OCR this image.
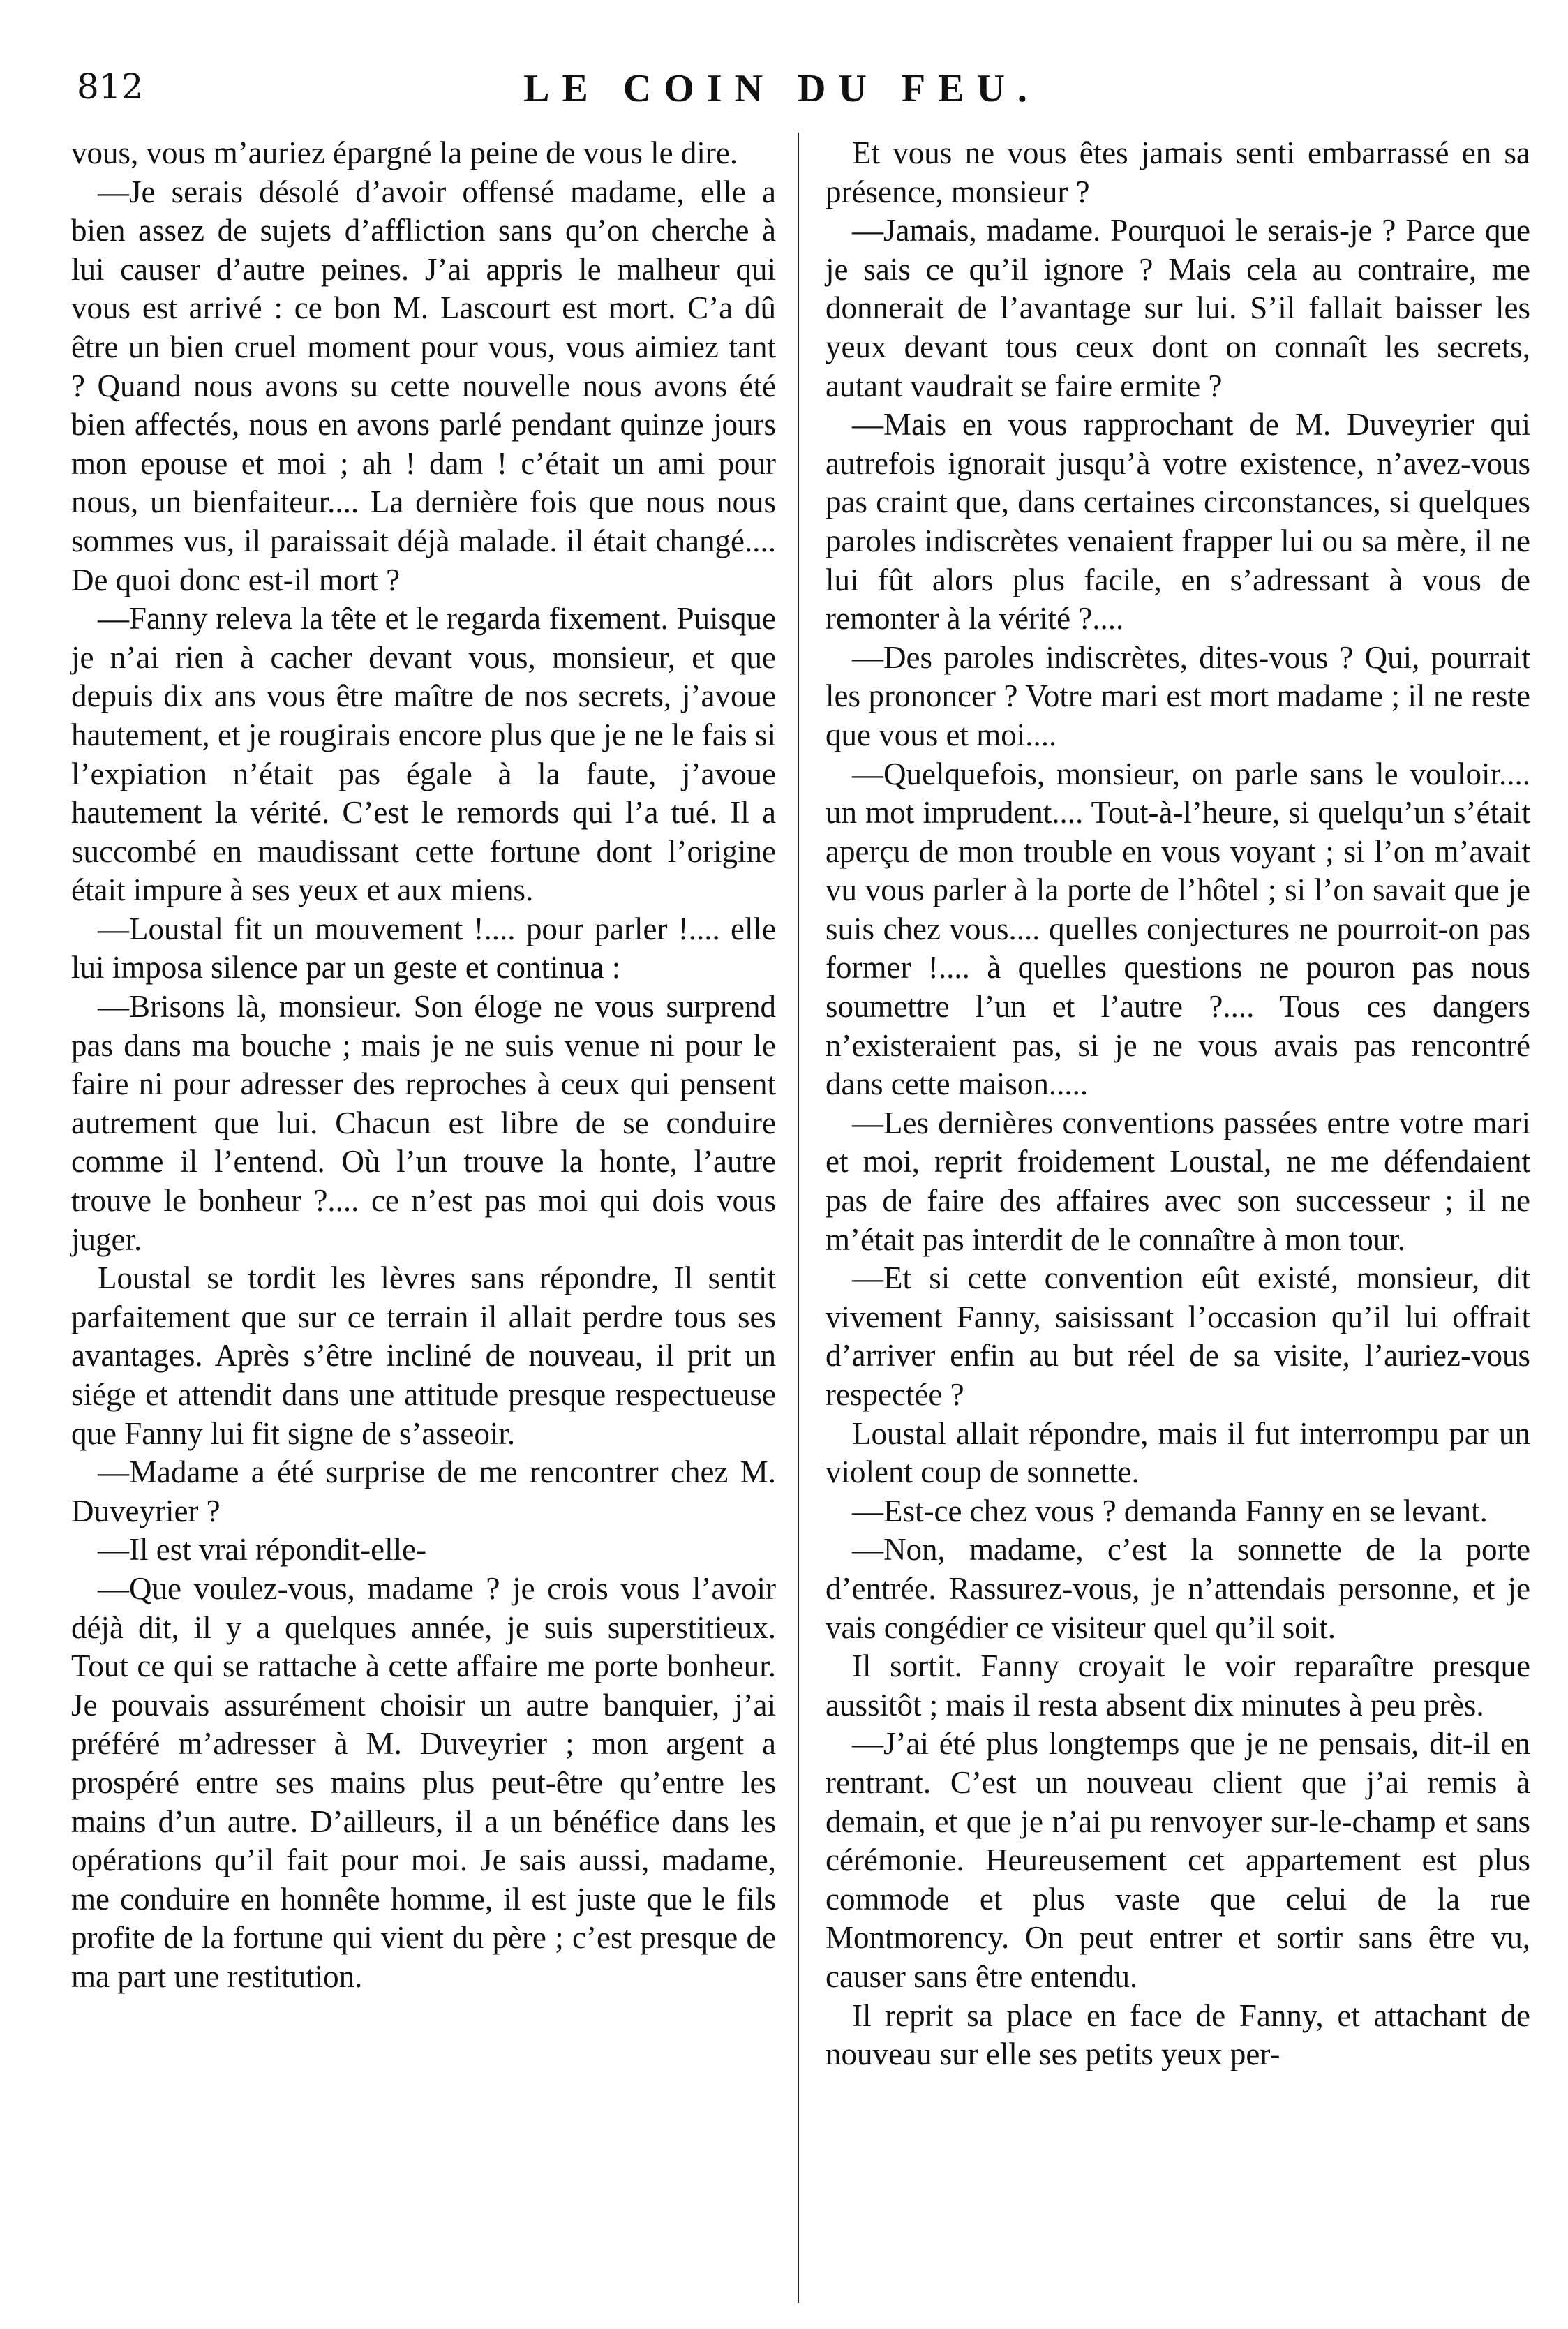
812	LE COIN DU FEU.

vous, vous m’auriez épargné la peine de vous le dire.

—Je serais désolé d’avoir offensé madame, elle a bien assez de sujets d’affliction sans qu’on cherche à lui causer d’autre peines. J’ai appris le malheur qui vous est arrivé : ce bon M. Lascourt est mort. C’a dû être un bien cruel moment pour vous, vous aimiez tant ? Quand nous avons su cette nouvelle nous avons été bien affectés, nous en avons parlé pendant quinze jours mon epouse et moi ; ah ! dam ! c’était un ami pour nous, un bienfaiteur.... La dernière fois que nous nous sommes vus, il paraissait déjà malade. il était changé.... De quoi donc est-il mort ?

—Fanny releva la tête et le regarda fixement. Puisque je n’ai rien à cacher devant vous, monsieur, et que depuis dix ans vous être maître de nos secrets, j’avoue hautement, et je rougirais encore plus que je ne le fais si l’expiation n’était pas égale à la faute, j’avoue hautement la vérité. C’est le remords qui l’a tué. Il a succombé en maudissant cette fortune dont l’origine était impure à ses yeux et aux miens.

—Loustal fit un mouvement !.... pour parler !.... elle lui imposa silence par un geste et continua :

—Brisons là, monsieur. Son éloge ne vous surprend pas dans ma bouche ; mais je ne suis venue ni pour le faire ni pour adresser des reproches à ceux qui pensent autrement que lui. Chacun est libre de se conduire comme il l’entend. Où l’un trouve la honte, l’autre trouve le bonheur ?.... ce n’est pas moi qui dois vous juger.

Loustal se tordit les lèvres sans répondre, Il sentit parfaitement que sur ce terrain il allait perdre tous ses avantages. Après s’être incliné de nouveau, il prit un siége et attendit dans une attitude presque respectueuse que Fanny lui fit signe de s’asseoir.

—Madame a été surprise de me rencontrer chez M. Duveyrier ?

—Il est vrai répondit-elle-

—Que voulez-vous, madame ? je crois vous l’avoir déjà dit, il y a quelques année, je suis superstitieux. Tout ce qui se rattache à cette affaire me porte bonheur. Je pouvais assurément choisir un autre banquier, j’ai préféré m’adresser à M. Duveyrier ; mon argent a prospéré entre ses mains plus peut-être qu’entre les mains d’un autre. D’ailleurs, il a un bénéfice dans les opérations qu’il fait pour moi. Je sais aussi, madame, me conduire en honnête homme, il est juste que le fils profite de la fortune qui vient du père ; c’est presque de ma part une restitution.

Et vous ne vous êtes jamais senti embarrassé en sa présence, monsieur ?

—Jamais, madame. Pourquoi le serais-je ? Parce que je sais ce qu’il ignore ? Mais cela au contraire, me donnerait de l’avantage sur lui. S’il fallait baisser les yeux devant tous ceux dont on connaît les secrets, autant vaudrait se faire ermite ?

—Mais en vous rapprochant de M. Duveyrier qui autrefois ignorait jusqu’à votre existence, n’avez-vous pas craint que, dans certaines circonstances, si quelques paroles indiscrètes venaient frapper lui ou sa mère, il ne lui fût alors plus facile, en s’adressant à vous de remonter à la vérité ?....

—Des paroles indiscrètes, dites-vous ? Qui, pourrait les prononcer ? Votre mari est mort madame ; il ne reste que vous et moi....

—Quelquefois, monsieur, on parle sans le vouloir.... un mot imprudent.... Tout-à-l’heure, si quelqu’un s’était aperçu de mon trouble en vous voyant ; si l’on m’avait vu vous parler à la porte de l’hôtel ; si l’on savait que je suis chez vous.... quelles conjectures ne pourroit-on pas former !.... à quelles questions ne pouron pas nous soumettre l’un et l’autre ?.... Tous ces dangers n’existeraient pas, si je ne vous avais pas rencontré dans cette maison.....

—Les dernières conventions passées entre votre mari et moi, reprit froidement Loustal, ne me défendaient pas de faire des affaires avec son successeur ; il ne m’était pas interdit de le connaître à mon tour.

—Et si cette convention eût existé, monsieur, dit vivement Fanny, saisissant l’occasion qu’il lui offrait d’arriver enfin au but réel de sa visite, l’auriez-vous respectée ?

Loustal allait répondre, mais il fut interrompu par un violent coup de sonnette.

—Est-ce chez vous ? demanda Fanny en se levant.

—Non, madame, c’est la sonnette de la porte d’entrée. Rassurez-vous, je n’attendais personne, et je vais congédier ce visiteur quel qu’il soit.

Il sortit. Fanny croyait le voir reparaître presque aussitôt ; mais il resta absent dix minutes à peu près.

—J’ai été plus longtemps que je ne pensais, dit-il en rentrant. C’est un nouveau client que j’ai remis à demain, et que je n’ai pu renvoyer sur-le-champ et sans cérémonie. Heureusement cet appartement est plus commode et plus vaste que celui de la rue Montmorency. On peut entrer et sortir sans être vu, causer sans être entendu.

Il reprit sa place en face de Fanny, et attachant de nouveau sur elle ses petits yeux per-
